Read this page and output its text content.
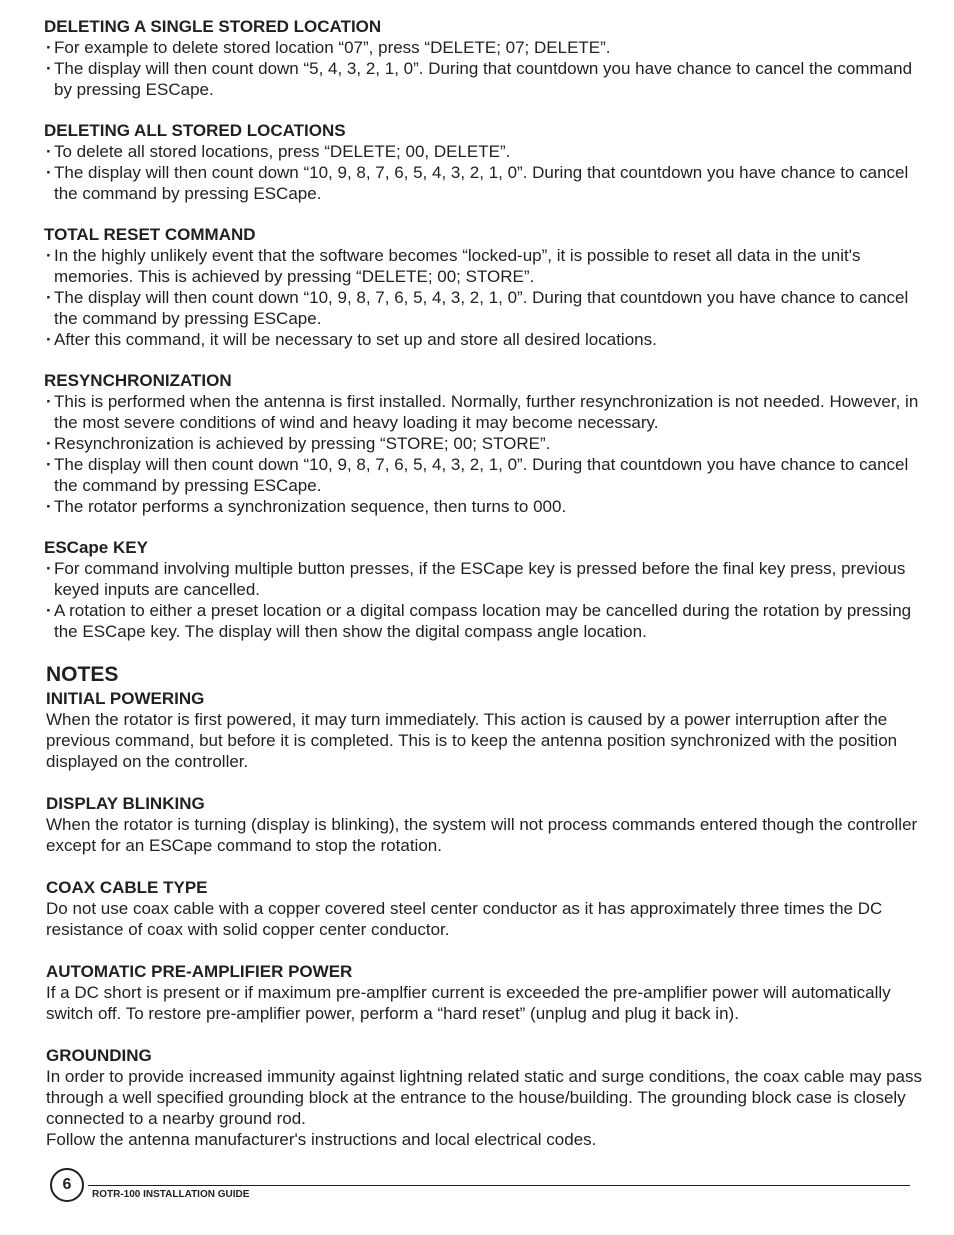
DELETING A SINGLE STORED LOCATION
· For example to delete stored location “07”, press “DELETE; 07; DELETE”.
· The display will then count down “5, 4, 3, 2, 1, 0”. During that countdown you have chance to cancel the command by pressing ESCape.
DELETING ALL STORED LOCATIONS
· To delete all stored locations, press “DELETE; 00, DELETE”.
· The display will then count down “10, 9, 8, 7, 6, 5, 4, 3, 2, 1, 0”. During that countdown you have chance to cancel the command by pressing ESCape.
TOTAL RESET COMMAND
· In the highly unlikely event that the software becomes “locked-up”, it is possible to reset all data in the unit's memories. This is achieved by pressing “DELETE; 00; STORE”.
· The display will then count down “10, 9, 8, 7, 6, 5, 4, 3, 2, 1, 0”. During that countdown you have chance to cancel the command by pressing ESCape.
· After this command, it will be necessary to set up and store all desired locations.
RESYNCHRONIZATION
· This is performed when the antenna is first installed. Normally, further resynchronization is not needed. However, in the most severe conditions of wind and heavy loading it may become necessary.
· Resynchronization is achieved by pressing “STORE; 00; STORE”.
· The display will then count down “10, 9, 8, 7, 6, 5, 4, 3, 2, 1, 0”. During that countdown you have chance to cancel the command by pressing ESCape.
· The rotator performs a synchronization sequence, then turns to 000.
ESCape KEY
· For command involving multiple button presses, if the ESCape key is pressed before the final key press, previous keyed inputs are cancelled.
· A rotation to either a preset location or a digital compass location may be cancelled during the rotation by pressing the ESCape key. The display will then show the digital compass angle location.
NOTES
INITIAL POWERING

When the rotator is first powered, it may turn immediately. This action is caused by a power interruption after the previous command, but before it is completed. This is to keep the antenna position synchronized with the position displayed on the controller.

DISPLAY BLINKING

When the rotator is turning (display is blinking), the system will not process commands entered though the controller except for an ESCape command to stop the rotation.

COAX CABLE TYPE

Do not use coax cable with a copper covered steel center conductor as it has approximately three times the DC resistance of coax with solid copper center conductor.

AUTOMATIC PRE-AMPLIFIER POWER

If a DC short is present or if maximum pre-amplfier current is exceeded the pre-amplifier power will automatically switch off. To restore pre-amplifier power, perform a “hard reset” (unplug and plug it back in).

GROUNDING

In order to provide increased immunity against lightning related static and surge conditions, the coax cable may pass through a well specified grounding block at the entrance to the house/building. The grounding block case is closely connected to a nearby ground rod.

Follow the antenna manufacturer's instructions and local electrical codes.

6
ROTR-100 INSTALLATION GUIDE
